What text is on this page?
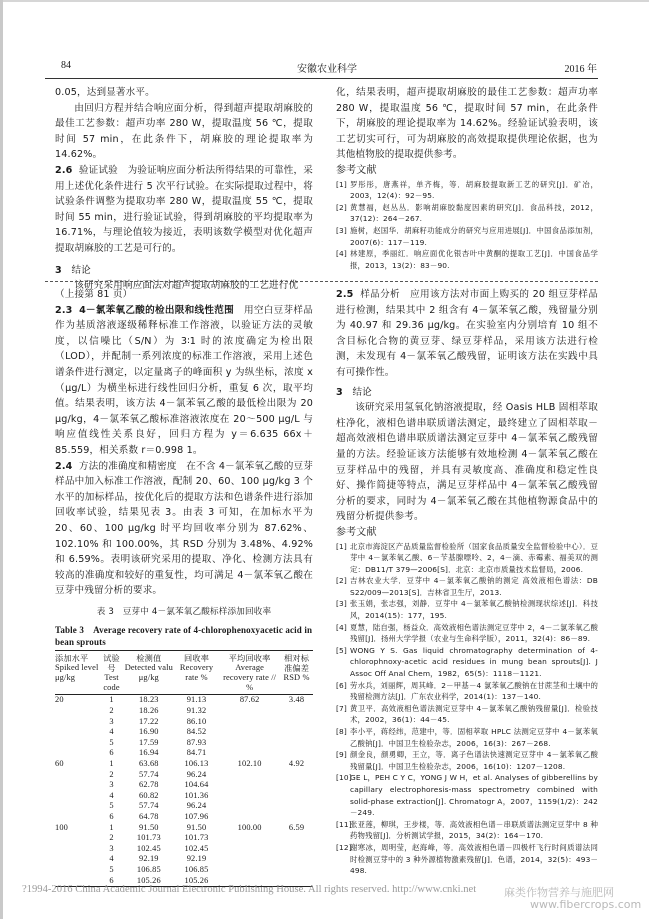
84	安徽农业科学	2016 年

0.05，达到显著水平。

由回归方程并结合响应面分析，得到超声提取胡麻胶的最佳工艺参数：超声功率 280 W，提取温度 56 ℃，提取时间 57 min，在此条件下，胡麻胶的理论提取率为 14.62%。

2.6 验证试验 为验证响应面分析法所得结果的可靠性，采用上述优化条件进行 5 次平行试验。在实际提取过程中，将试验条件调整为提取功率 280 W，提取温度 55 ℃，提取时间 55 min，进行验证试验，得到胡麻胶的平均提取率为 16.71%，与理论值较为接近，表明该数学模型对优化超声提取胡麻胶的工艺是可行的。

3 结论

该研究采用响应面法对超声提取胡麻胶的工艺进行优

化，结果表明，超声提取胡麻胶的最佳工艺参数：超声功率 280 W，提取温度 56 ℃，提取时间 57 min，在此条件下，胡麻胶的理论提取率为 14.62%。经验证试验表明，该工艺切实可行，可为胡麻胶的高效提取提供理论依据，也为其他植物胶的提取提供参考。

参考文献

[1] 罗彤彤，唐燕祥，单齐梅，等．胡麻胶提取新工艺的研究[J]．矿冶，2003，12(4)：92－95.
[2] 黄慧福，赵丛丛．影响胡麻胶黏度因素的研究[J]．食品科技，2012，37(12)：264－267.
[3] 施树，赵国华．胡麻籽功能成分的研究与应用进展[J]．中国食品添加剂，2007(6)：117－119.
[4] 林建原，季丽红．响应面优化银杏叶中黄酮的提取工艺[J]．中国食品学报，2013，13(2)：83－90.

（上接第 81 页）

2.3 4－氯苯氧乙酸的检出限和线性范围 用空白豆芽样品作为基质溶液逐级稀释标准工作溶液，以验证方法的灵敏度，以信噪比（S/N）为 3∶1 时的浓度确定为检出限（LOD），并配制一系列浓度的标准工作溶液，采用上述色谱条件进行测定，以定量离子的峰面积 y 为纵坐标，浓度 x（μg/L）为横坐标进行线性回归分析，重复 6 次，取平均值。结果表明，该方法 4－氯苯氧乙酸的最低检出限为 20 μg/kg，4－氯苯氧乙酸标准溶液浓度在 20～500 μg/L 与响应值线性关系良好，回归方程为 y＝6.635 66x＋85.559，相关系数 r＝0.998 1。

2.4 方法的准确度和精密度 在不含 4－氯苯氧乙酸的豆芽样品中加入标准工作溶液，配制 20、60、100 μg/kg 3 个水平的加标样品，按优化后的提取方法和色谱条件进行添加回收率试验，结果见表 3。由表 3 可知，在加标水平为 20、60、100 μg/kg 时平均回收率分别为 87.62%、102.10% 和 100.00%，其 RSD 分别为 3.48%、4.92% 和 6.59%。表明该研究采用的提取、净化、检测方法具有较高的准确度和较好的重复性，均可满足 4－氯苯氧乙酸在豆芽中残留分析的要求。

表 3　豆芽中 4－氯苯氧乙酸标样添加回收率
Table 3　Average recovery rate of 4-chlorophenoxyacetic acid in bean sprouts
添加水平
Spiked level μg/kg	试验号
Test code	检测值
Detected valu μg/kg	回收率
Recovery rate %	平均回收率
Average recovery rate // %	相对标准偏差
RSD %
20	1	18.23	91.13	87.62	3.48
	2	18.26	91.32		
	3	17.22	86.10		
	4	16.90	84.52		
	5	17.59	87.93		
	6	16.94	84.71		
60	1	63.68	106.13	102.10	4.92
	2	57.74	96.24		
	3	62.78	104.64		
	4	60.82	101.36		
	5	57.74	96.24		
	6	64.78	107.96		
100	1	91.50	91.50	100.00	6.59
	2	101.73	101.73		
	3	102.45	102.45		
	4	92.19	92.19		
	5	106.85	106.85		
	6	105.26	105.26		

2.5 样品分析 应用该方法对市面上购买的 20 组豆芽样品进行检测，结果其中 2 组含有 4－氯苯氧乙酸，残留量分别为 40.97 和 29.36 μg/kg。在实验室内分别培育 10 组不含目标化合物的黄豆芽、绿豆芽样品，采用该方法进行检测，未发现有 4－氯苯氧乙酸残留，证明该方法在实践中具有可操作性。

3 结论

该研究采用氢氧化钠溶液提取，经 Oasis HLB 固相萃取柱净化，液相色谱串联质谱法测定，最终建立了固相萃取－超高效液相色谱串联质谱法测定豆芽中 4－氯苯氧乙酸残留量的方法。经验证该方法能够有效地检测 4－氯苯氧乙酸在豆芽样品中的残留，并具有灵敏度高、准确度和稳定性良好、操作简捷等特点，满足豆芽样品中 4－氯苯氧乙酸残留分析的要求，同时为 4－氯苯氧乙酸在其他植物源食品中的残留分析提供参考。

参考文献

[1] 北京市海淀区产品质量监督检验所（国家食品质量安全监督检验中心）．豆芽中 4－氯苯氧乙酸、6－苄基腺嘌呤、2，4－滴、赤霉素、福美双的测定：DB11/T 379—2006[S]．北京：北京市质量技术监督局，2006.
[2] 吉林农业大学．豆芽中 4－氯苯氧乙酸钠的测定 高效液相色谱法：DB S22/009—2013[S]．吉林省卫生厅，2013.
[3] 张玉娟，张志强，刘静．豆芽中 4－氯苯氧乙酸钠检测现状综述[J]．科技风，2014(15)：177，195.
[4] 夏慧，陆自强，杨益众．高效液相色谱法测定豆芽中 2，4－二氯苯氧乙酸残留[J]．扬州大学学报（农业与生命科学版），2011，32(4)：86－89.
[5] WONG Y S. Gas liquid chromatography determination of 4-chlorophnoxy-acetic acid residues in mung bean sprouts[J]. J Assoc Off Anal Chem，1982，65(5)：1118－1121.
[6] 劳水兵，刘丽辉，周其峰．2－甲基－4 氯苯氧乙酸钠在甘蔗茎和土壤中的残留检测方法[J]．广东农业科学，2014(1)：137－140.
[7] 黄卫平．高效液相色谱法测定豆芽中 4－氯苯氧乙酸钠残留量[J]．检验技术，2002，36(1)：44－45.
[8] 李小平，蒋经纬，范建中，等．固相萃取 HPLC 法测定豆芽中 4－氯苯氧乙酸钠[J]．中国卫生检验杂志，2006，16(3)：267－268.
[9] 颜金良，颜勇卿，王立，等．离子色谱法快速测定豆芽中 4－氯苯氧乙酸残留量[J]．中国卫生检验杂志，2006，16(10)：1207－1208.
[10]
GE L，PEH C Y C，YONG J W H，et al. Analyses of gibberellins by capillary electrophoresis-mass spectrometry combined with solid-phase extraction[J]. Chromatogr A，2007，1159(1/2)：242－249.
[11]
张亚莲，柳琪，王步楼，等．高效液相色谱－串联质谱法测定豆芽中 8 种药物残留[J]．分析测试学报，2015，34(2)：164－170.
[12]
谢寒冰，周明莹，赵海峰，等．高效液相色谱－四极杆飞行时间质谱法同时检测豆芽中的 3 种外源植物激素残留[J]．色谱，2014，32(5)：493－498.
?1994-2016 China Academic Journal Electronic Publishing House. All rights reserved. http://www.cnki.net	麻类作物营养与施肥网
www.fibercrops.com
